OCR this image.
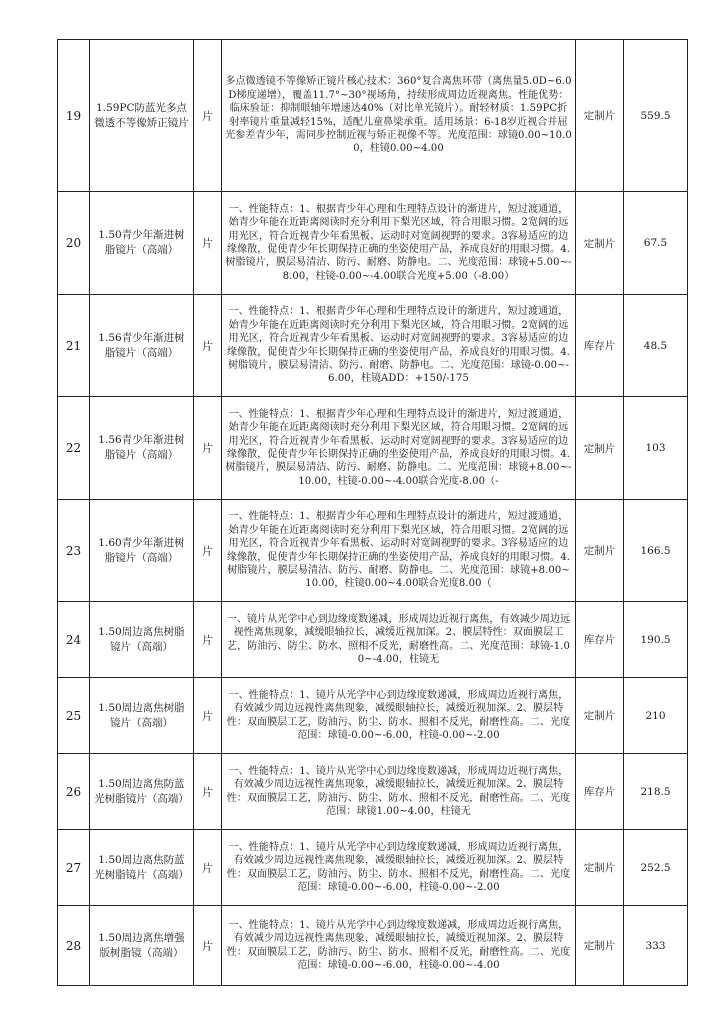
19	1.59PC防蓝光多点微透不等像矫正镜片	片	多点微透镜不等像矫正镜片核心技术：360°复合离焦环带（离焦量5.0D~6.0D梯度递增），覆盖11.7°~30°视场角，持续形成周边近视离焦。性能优势：临床验证：抑制眼轴年增速达40%（对比单光镜片）。耐轻材质：1.59PC折射率镜片重量减轻15%，适配儿童鼻梁承重。适用场景：6-18岁近视合并屈光参差青少年，需同步控制近视与矫正视像不等。光度范围：球镜0.00~10.00，柱镜0.00~4.00	定制片	559.5
20	1.50青少年渐进树脂镜片（高端）	片	一、性能特点：1、根据青少年心理和生理特点设计的渐进片，短过渡通道，始青少年能在近距离阅读时充分利用下梨光区域，符合用眼习惯。2宽阔的远用光区，符合近视青少年看黑板、运动时对宽阔视野的要求。3容易适应的边缘像散，促使青少年长期保持正确的坐姿使用产品，养成良好的用眼习惯。4.树脂镜片，膜层易清洁、防污、耐磨、防静电。二、光度范围：球镜+5.00~-8.00，柱镜-0.00~-4.00联合光度+5.00（-8.00）	定制片	67.5
21	1.56青少年渐进树脂镜片（高端）	片	一、性能特点：1、根据青少年心理和生理特点设计的渐进片，短过渡通道，始青少年能在近距离阅读时充分利用下梨光区域，符合用眼习惯。2宽阔的远用光区，符合近视青少年看黑板、运动时对宽阔视野的要求。3容易适应的边缘像散，促使青少年长期保持正确的坐姿使用产品，养成良好的用眼习惯。4.树脂镜片，膜层易清洁、防污、耐磨、防静电。二、光度范围：球镜-0.00~-6.00，柱镜ADD：+150/-175	库存片	48.5
22	1.56青少年渐进树脂镜片（高端）	片	一、性能特点：1、根据青少年心理和生理特点设计的渐进片，短过渡通道，始青少年能在近距离阅读时充分利用下梨光区域，符合用眼习惯。2宽阔的远用光区，符合近视青少年看黑板、运动时对宽阔视野的要求。3容易适应的边缘像散，促使青少年长期保持正确的坐姿使用产品，养成良好的用眼习惯。4.树脂镜片，膜层易清洁、防污、耐磨、防静电。二、光度范围：球镜+8.00~-10.00，柱镜-0.00~-4.00联合光度-8.00（-	定制片	103
23	1.60青少年渐进树脂镜片（高端）	片	一、性能特点：1、根据青少年心理和生理特点设计的渐进片，短过渡通道，始青少年能在近距离阅读时充分利用下梨光区域，符合用眼习惯。2宽阔的远用光区，符合近视青少年看黑板、运动时对宽阔视野的要求。3容易适应的边缘像散，促使青少年长期保持正确的坐姿使用产品，养成良好的用眼习惯。4.树脂镜片，膜层易清洁、防污、耐磨、防静电。二、光度范围：球镜+8.00~10.00，柱镜0.00~4.00联合光度8.00（	定制片	166.5
24	1.50周边离焦树脂镜片（高端）	片	一、镜片从光学中心到边缘度数递减，形成周边近视行离焦，有效减少周边远视性离焦现象，减缓眼轴拉长，减缓近视加深。2、膜层特性：双面膜层工艺，防油污、防尘、防水、照相不反光，耐磨性高。二、光度范围：球镜-1.00~-4.00，柱镜无	库存片	190.5
25	1.50周边离焦树脂镜片（高端）	片	一、性能特点：1、镜片从光学中心到边缘度数递减，形成周边近视行离焦，有效减少周边远视性离焦现象，减缓眼轴拉长，减缓近视加深。2、膜层特性：双面膜层工艺，防油污、防尘、防水、照相不反光，耐磨性高。二、光度范围：球镜-0.00~-6.00，柱镜-0.00~-2.00	定制片	210
26	1.50周边离焦防蓝光树脂镜片（高端）	片	一、性能特点：1、镜片从光学中心到边缘度数递减，形成周边近视行离焦，有效减少周边远视性离焦现象，减缓眼轴拉长，减缓近视加深。2、膜层特性：双面膜层工艺，防油污、防尘、防水、照相不反光，耐磨性高。二、光度范围：球镜1.00~4.00，柱镜无	库存片	218.5
27	1.50周边离焦防蓝光树脂镜片（高端）	片	一、性能特点：1、镜片从光学中心到边缘度数递减，形成周边近视行离焦，有效减少周边远视性离焦现象，减缓眼轴拉长，减缓近视加深。2、膜层特性：双面膜层工艺，防油污、防尘、防水、照相不反光，耐磨性高。二、光度范围：球镜-0.00~-6.00，柱镜-0.00~-2.00	定制片	252.5
28	1.50周边离焦增强版树脂镜（高端）	片	一、性能特点：1、镜片从光学中心到边缘度数递减，形成周边近视行离焦，有效减少周边远视性离焦现象，减缓眼轴拉长，减缓近视加深。2、膜层特性：双面膜层工艺，防油污、防尘、防水、照相不反光，耐磨性高。二、光度范围：球镜-0.00~-6.00，柱镜-0.00~-4.00	定制片	333
